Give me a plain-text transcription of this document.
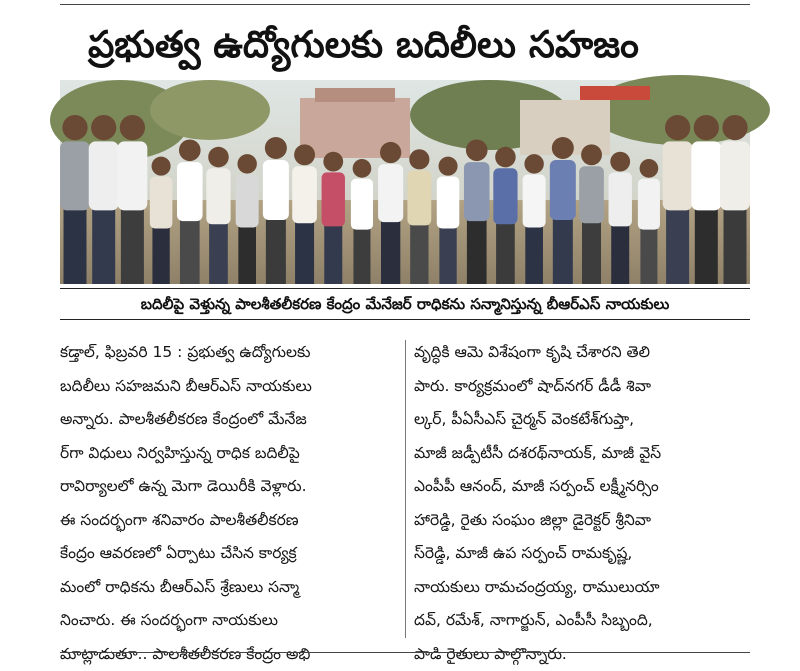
ప్రభుత్వ ఉద్యోగులకు బదిలీలు సహజం
బదిలీపై వెళ్తున్న పాలశీతలీకరణ కేంద్రం మేనేజర్ రాధికను సన్మానిస్తున్న బీఆర్ఎస్ నాయకులు
కడ్తాల్, ఫిబ్రవరి 15 : ప్రభుత్వ ఉద్యోగులకు
బదిలీలు సహజమని బీఆర్ఎస్ నాయకులు
అన్నారు. పాలశీతలీకరణ కేంద్రంలో మేనేజ
ర్‌గా విధులు నిర్వహిస్తున్న రాధిక బదిలీపై
రావిర్యాలలో ఉన్న మెగా డెయిరీకి వెళ్లారు.
ఈ సందర్భంగా శనివారం పాలశీతలీకరణ
కేంద్రం ఆవరణలో ఏర్పాటు చేసిన కార్యక్ర
మంలో రాధికను బీఆర్ఎస్ శ్రేణులు సన్మా
నించారు. ఈ సందర్భంగా నాయకులు
మాట్లాడుతూ.. పాలశీతలీకరణ కేంద్రం అభి
వృద్ధికి ఆమె విశేషంగా కృషి చేశారని తెలి
పారు. కార్యక్రమంలో షాద్‌నగర్ డీడీ శివా
ల్కర్, పీఏసీఎస్ చైర్మన్ వెంకటేశ్‌గుప్తా,
మాజీ జడ్పీటీసీ దశరథ్‌నాయక్, మాజీ వైస్
ఎంపీపీ ఆనంద్, మాజీ సర్పంచ్ లక్ష్మీనర్సిం
హారెడ్డి, రైతు సంఘం జిల్లా డైరెక్టర్ శ్రీనివా
స్‌రెడ్డి, మాజీ ఉప సర్పంచ్ రామకృష్ణ,
నాయకులు రామచంద్రయ్య, రాములుయా
దవ్, రమేశ్, నాగార్జున్, ఎంపీసీ సిబ్బంది,
పాడి రైతులు పాల్గొన్నారు.
